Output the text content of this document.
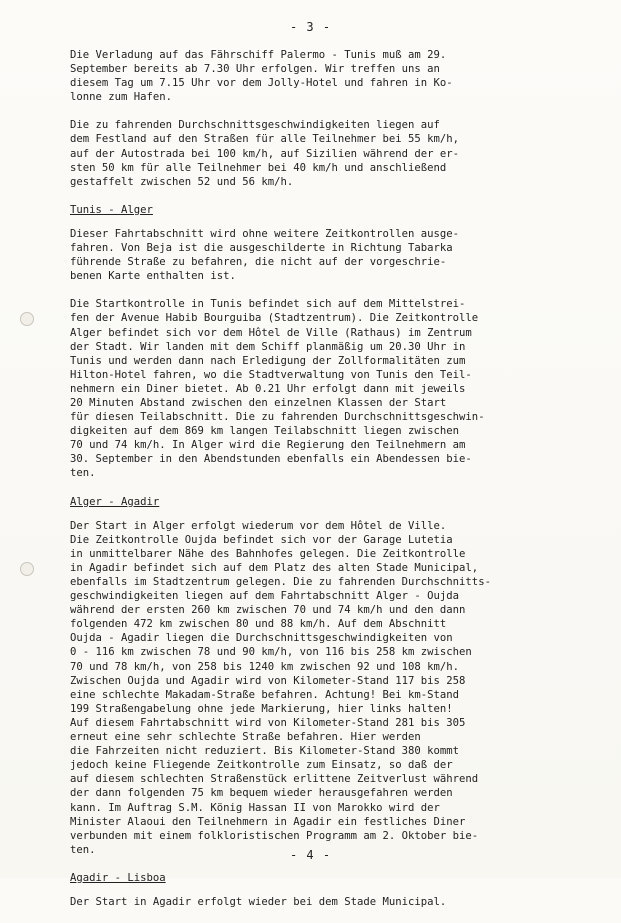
- 3 -
Die Verladung auf das Fährschiff Palermo - Tunis muß am 29.
September bereits ab 7.30 Uhr erfolgen. Wir treffen uns an
diesem Tag um 7.15 Uhr vor dem Jolly-Hotel und fahren in Ko-
lonne zum Hafen.
Die zu fahrenden Durchschnittsgeschwindigkeiten liegen auf
dem Festland auf den Straßen für alle Teilnehmer bei 55 km/h,
auf der Autostrada bei 100 km/h, auf Sizilien während der er-
sten 50 km für alle Teilnehmer bei 40 km/h und anschließend
gestaffelt zwischen 52 und 56 km/h.
Tunis - Alger
Dieser Fahrtabschnitt wird ohne weitere Zeitkontrollen ausge-
fahren. Von Beja ist die ausgeschilderte in Richtung Tabarka
führende Straße zu befahren, die nicht auf der vorgeschrie-
benen Karte enthalten ist.
Die Startkontrolle in Tunis befindet sich auf dem Mittelstrei-
fen der Avenue Habib Bourguiba (Stadtzentrum). Die Zeitkontrolle
Alger befindet sich vor dem Hôtel de Ville (Rathaus) im Zentrum
der Stadt. Wir landen mit dem Schiff planmäßig um 20.30 Uhr in
Tunis und werden dann nach Erledigung der Zollformalitäten zum
Hilton-Hotel fahren, wo die Stadtverwaltung von Tunis den Teil-
nehmern ein Diner bietet. Ab 0.21 Uhr erfolgt dann mit jeweils
20 Minuten Abstand zwischen den einzelnen Klassen der Start
für diesen Teilabschnitt. Die zu fahrenden Durchschnittsgeschwin-
digkeiten auf dem 869 km langen Teilabschnitt liegen zwischen
70 und 74 km/h. In Alger wird die Regierung den Teilnehmern am
30. September in den Abendstunden ebenfalls ein Abendessen bie-
ten.
Alger - Agadir
Der Start in Alger erfolgt wiederum vor dem Hôtel de Ville.
Die Zeitkontrolle Oujda befindet sich vor der Garage Lutetia
in unmittelbarer Nähe des Bahnhofes gelegen. Die Zeitkontrolle
in Agadir befindet sich auf dem Platz des alten Stade Municipal,
ebenfalls im Stadtzentrum gelegen. Die zu fahrenden Durchschnitts-
geschwindigkeiten liegen auf dem Fahrtabschnitt Alger - Oujda
während der ersten 260 km zwischen 70 und 74 km/h und den dann
folgenden 472 km zwischen 80 und 88 km/h. Auf dem Abschnitt
Oujda - Agadir liegen die Durchschnittsgeschwindigkeiten von
0 - 116 km zwischen 78 und 90 km/h, von 116 bis 258 km zwischen
70 und 78 km/h, von 258 bis 1240 km zwischen 92 und 108 km/h.
Zwischen Oujda und Agadir wird von Kilometer-Stand 117 bis 258
eine schlechte Makadam-Straße befahren. Achtung! Bei km-Stand
199 Straßengabelung ohne jede Markierung, hier links halten!
Auf diesem Fahrtabschnitt wird von Kilometer-Stand 281 bis 305
erneut eine sehr schlechte Straße befahren. Hier werden
die Fahrzeiten nicht reduziert. Bis Kilometer-Stand 380 kommt
jedoch keine Fliegende Zeitkontrolle zum Einsatz, so daß der
auf diesem schlechten Straßenstück erlittene Zeitverlust während
der dann folgenden 75 km bequem wieder herausgefahren werden
kann. Im Auftrag S.M. König Hassan II von Marokko wird der
Minister Alaoui den Teilnehmern in Agadir ein festliches Diner
verbunden mit einem folkloristischen Programm am 2. Oktober bie-
ten.
Agadir - Lisboa
Der Start in Agadir erfolgt wieder bei dem Stade Municipal.
- 4 -
